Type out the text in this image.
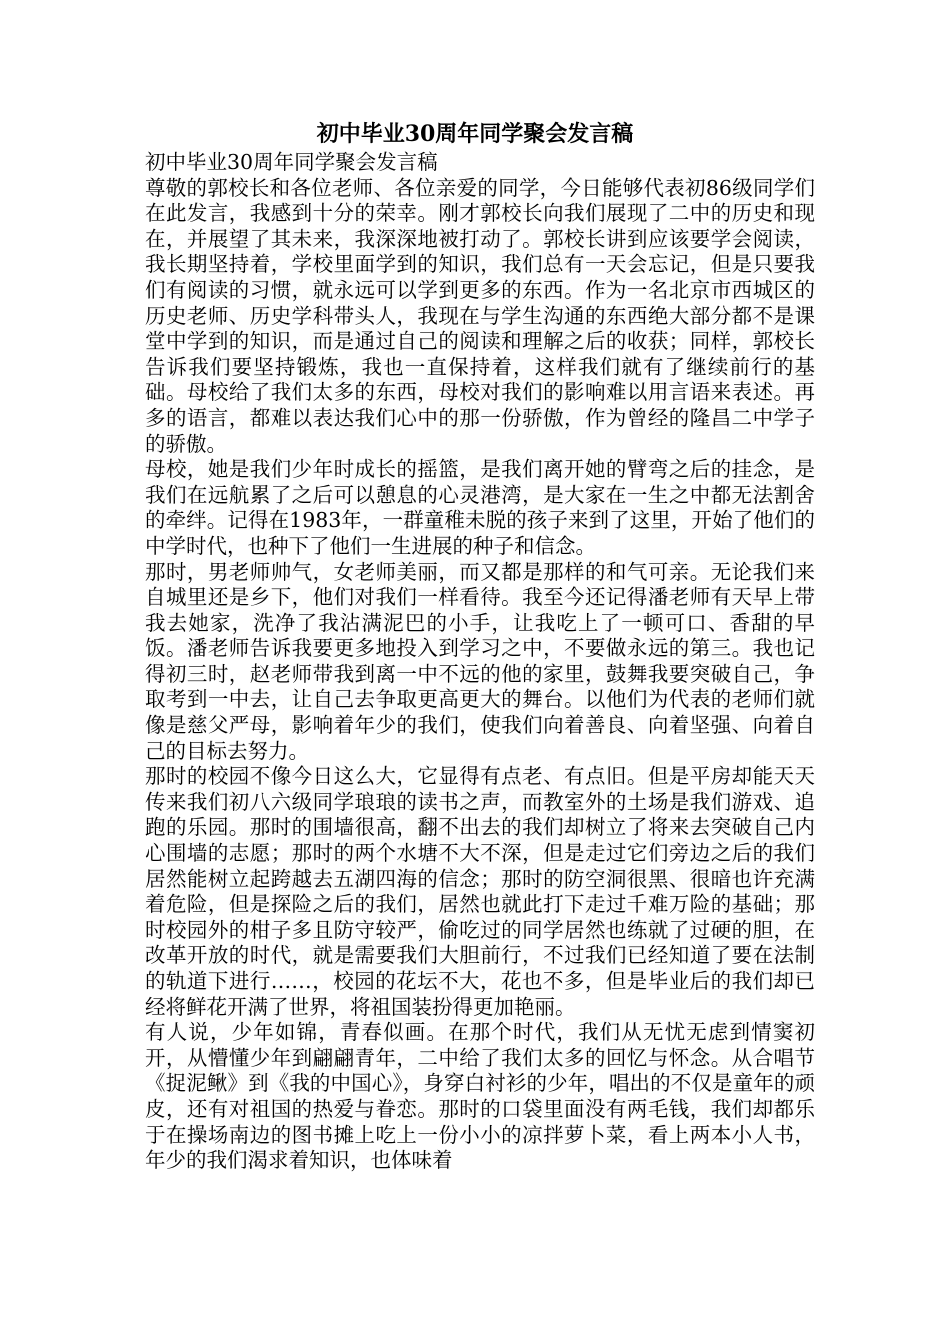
初中毕业30周年同学聚会发言稿

初中毕业30周年同学聚会发言稿

尊敬的郭校长和各位老师、各位亲爱的同学，今日能够代表初86级同学们在此发言，我感到十分的荣幸。刚才郭校长向我们展现了二中的历史和现在，并展望了其未来，我深深地被打动了。郭校长讲到应该要学会阅读，我长期坚持着，学校里面学到的知识，我们总有一天会忘记，但是只要我们有阅读的习惯，就永远可以学到更多的东西。作为一名北京市西城区的历史老师、历史学科带头人，我现在与学生沟通的东西绝大部分都不是课堂中学到的知识，而是通过自己的阅读和理解之后的收获；同样，郭校长告诉我们要坚持锻炼，我也一直保持着，这样我们就有了继续前行的基础。母校给了我们太多的东西，母校对我们的影响难以用言语来表述。再多的语言，都难以表达我们心中的那一份骄傲，作为曾经的隆昌二中学子的骄傲。

母校，她是我们少年时成长的摇篮，是我们离开她的臂弯之后的挂念，是我们在远航累了之后可以憩息的心灵港湾，是大家在一生之中都无法割舍的牵绊。记得在1983年，一群童稚未脱的孩子来到了这里，开始了他们的中学时代，也种下了他们一生进展的种子和信念。

那时，男老师帅气，女老师美丽，而又都是那样的和气可亲。无论我们来自城里还是乡下，他们对我们一样看待。我至今还记得潘老师有天早上带我去她家，洗净了我沾满泥巴的小手，让我吃上了一顿可口、香甜的早饭。潘老师告诉我要更多地投入到学习之中，不要做永远的第三。我也记得初三时，赵老师带我到离一中不远的他的家里，鼓舞我要突破自己，争取考到一中去，让自己去争取更高更大的舞台。以他们为代表的老师们就像是慈父严母，影响着年少的我们，使我们向着善良、向着坚强、向着自己的目标去努力。

那时的校园不像今日这么大，它显得有点老、有点旧。但是平房却能天天传来我们初八六级同学琅琅的读书之声，而教室外的土场是我们游戏、追跑的乐园。那时的围墙很高，翻不出去的我们却树立了将来去突破自己内心围墙的志愿；那时的两个水塘不大不深，但是走过它们旁边之后的我们居然能树立起跨越去五湖四海的信念；那时的防空洞很黑、很暗也许充满着危险，但是探险之后的我们，居然也就此打下走过千难万险的基础；那时校园外的柑子多且防守较严，偷吃过的同学居然也练就了过硬的胆，在改革开放的时代，就是需要我们大胆前行，不过我们已经知道了要在法制的轨道下进行……，校园的花坛不大，花也不多，但是毕业后的我们却已经将鲜花开满了世界，将祖国装扮得更加艳丽。

有人说，少年如锦，青春似画。在那个时代，我们从无忧无虑到情窦初开，从懵懂少年到翩翩青年，二中给了我们太多的回忆与怀念。从合唱节《捉泥鳅》到《我的中国心》，身穿白衬衫的少年，唱出的不仅是童年的顽皮，还有对祖国的热爱与眷恋。那时的口袋里面没有两毛钱，我们却都乐于在操场南边的图书摊上吃上一份小小的凉拌萝卜菜，看上两本小人书，年少的我们渴求着知识，也体味着
